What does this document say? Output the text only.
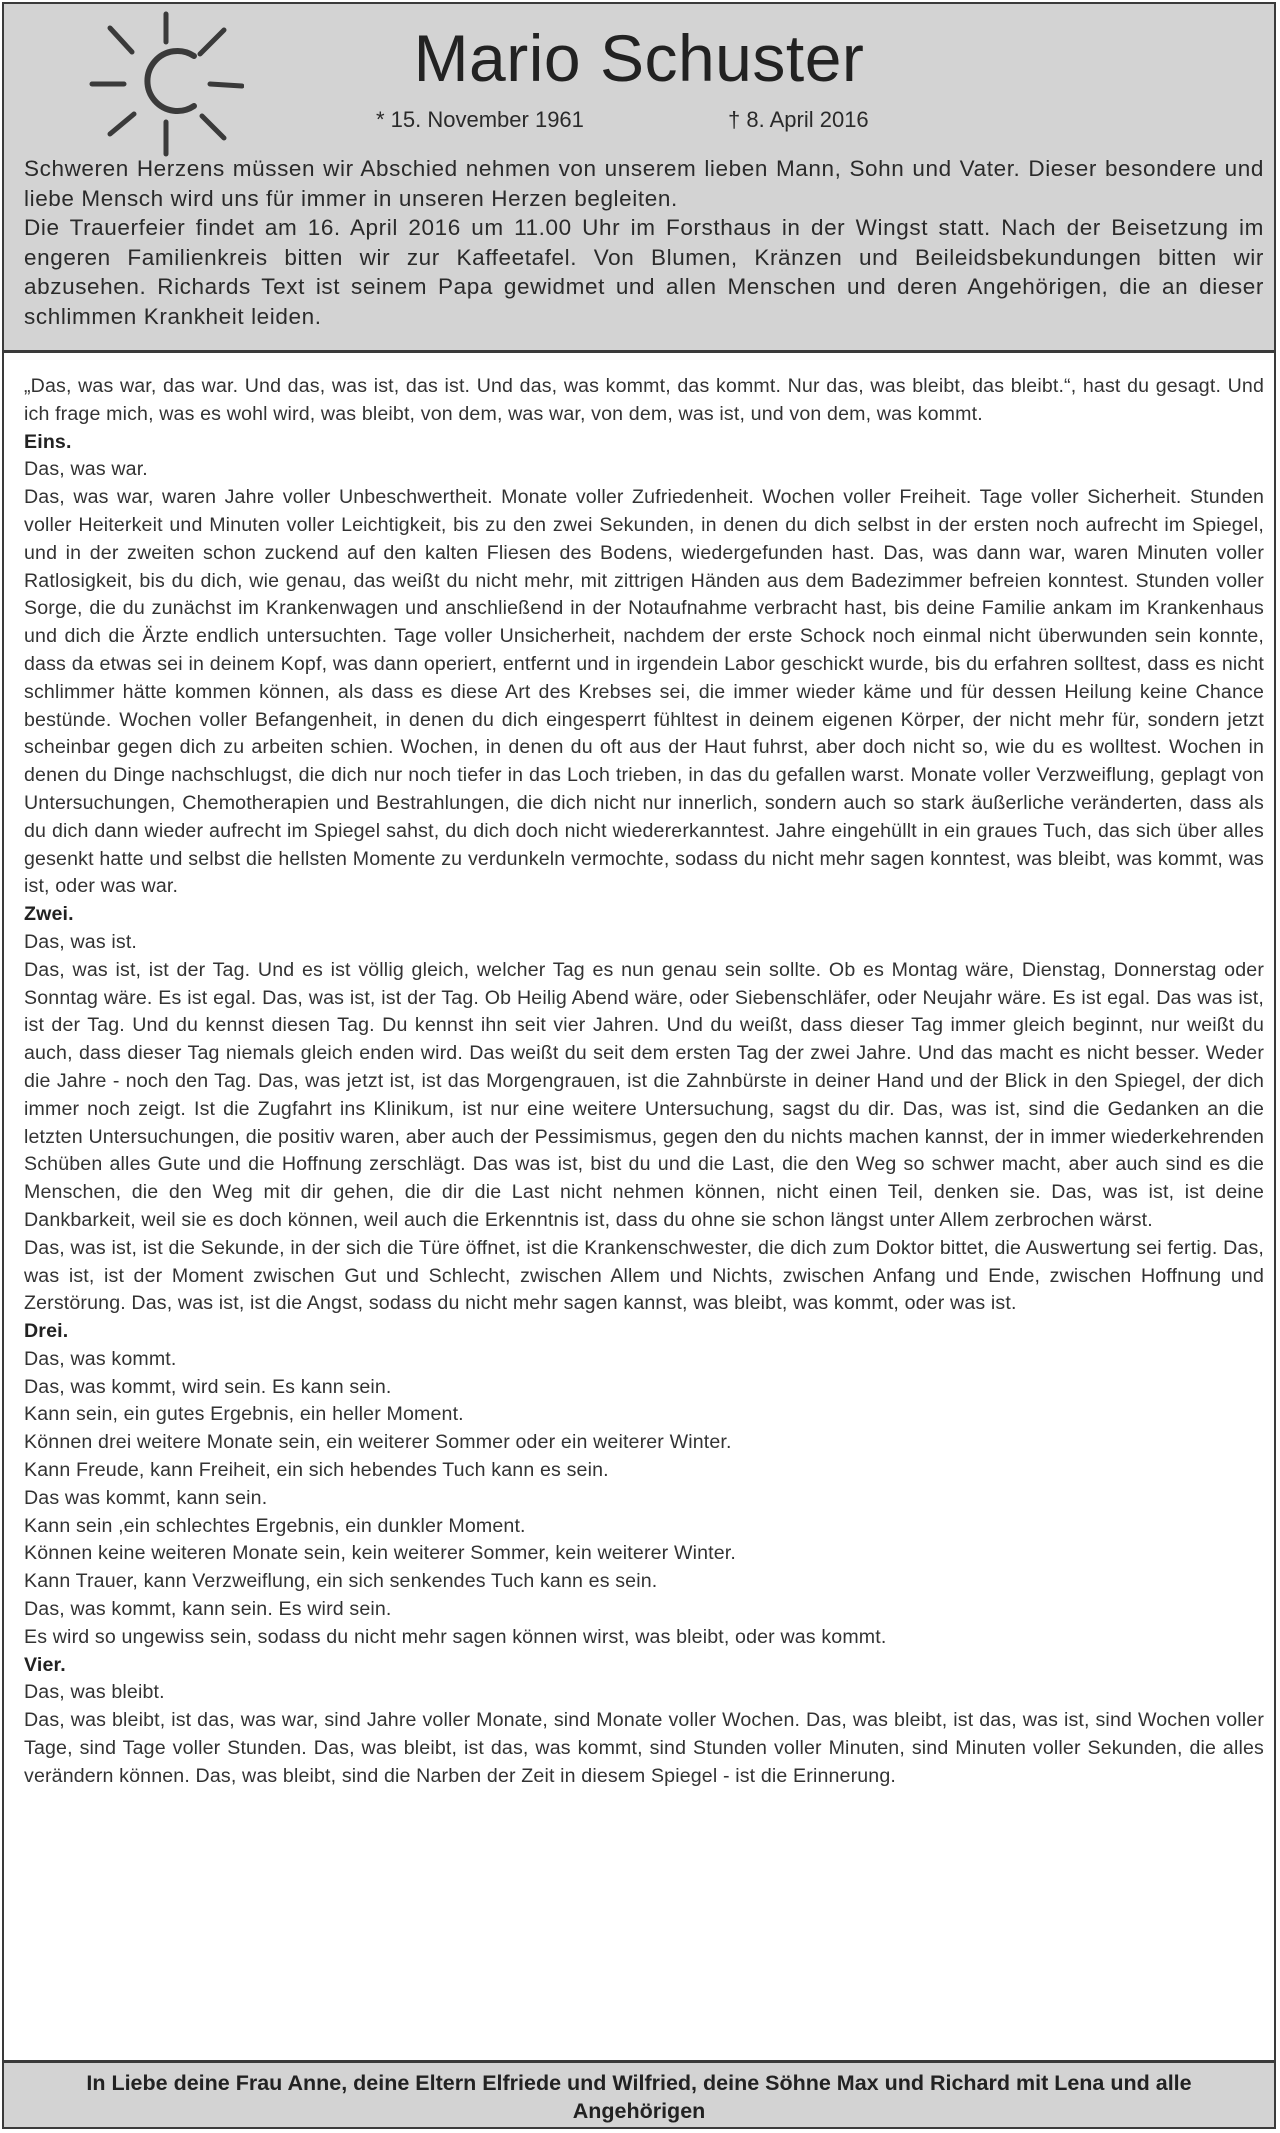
Mario Schuster
* 15. November 1961	† 8. April 2016

Schweren Herzens müssen wir Abschied nehmen von unserem lieben Mann, Sohn und Vater. Dieser besondere und liebe Mensch wird uns für immer in unseren Herzen begleiten.

Die Trauerfeier findet am 16. April 2016 um 11.00 Uhr im Forsthaus in der Wingst statt. Nach der Beisetzung im engeren Familienkreis bitten wir zur Kaffeetafel. Von Blumen, Kränzen und Beileidsbekundungen bitten wir abzusehen. Richards Text ist seinem Papa gewidmet und allen Menschen und deren Angehörigen, die an dieser schlimmen Krankheit leiden.

„Das, was war, das war. Und das, was ist, das ist. Und das, was kommt, das kommt. Nur das, was bleibt, das bleibt.“, hast du gesagt. Und ich frage mich, was es wohl wird, was bleibt, von dem, was war, von dem, was ist, und von dem, was kommt.

Eins.

Das, was war.

Das, was war, waren Jahre voller Unbeschwertheit. Monate voller Zufriedenheit. Wochen voller Freiheit. Tage voller Sicherheit. Stunden voller Heiterkeit und Minuten voller Leichtigkeit, bis zu den zwei Sekunden, in denen du dich selbst in der ersten noch aufrecht im Spiegel, und in der zweiten schon zuckend auf den kalten Fliesen des Bodens, wiedergefunden hast. Das, was dann war, waren Minuten voller Ratlosigkeit, bis du dich, wie genau, das weißt du nicht mehr, mit zittrigen Händen aus dem Badezimmer befreien konntest. Stunden voller Sorge, die du zunächst im Krankenwagen und anschließend in der Notaufnahme verbracht hast, bis deine Familie ankam im Krankenhaus und dich die Ärzte endlich untersuchten. Tage voller Unsicherheit, nachdem der erste Schock noch einmal nicht überwunden sein konnte, dass da etwas sei in deinem Kopf, was dann operiert, entfernt und in irgendein Labor geschickt wurde, bis du erfahren solltest, dass es nicht schlimmer hätte kommen können, als dass es diese Art des Krebses sei, die immer wieder käme und für dessen Heilung keine Chance bestünde. Wochen voller Befangenheit, in denen du dich eingesperrt fühltest in deinem eigenen Körper, der nicht mehr für, sondern jetzt scheinbar gegen dich zu arbeiten schien. Wochen, in denen du oft aus der Haut fuhrst, aber doch nicht so, wie du es wolltest. Wochen in denen du Dinge nachschlugst, die dich nur noch tiefer in das Loch trieben, in das du gefallen warst. Monate voller Verzweiflung, geplagt von Untersuchungen, Chemotherapien und Bestrahlungen, die dich nicht nur innerlich, sondern auch so stark äußerliche veränderten, dass als du dich dann wieder aufrecht im Spiegel sahst, du dich doch nicht wiedererkanntest. Jahre eingehüllt in ein graues Tuch, das sich über alles gesenkt hatte und selbst die hellsten Momente zu verdunkeln vermochte, sodass du nicht mehr sagen konntest, was bleibt, was kommt, was ist, oder was war.

Zwei.

Das, was ist.

Das, was ist, ist der Tag. Und es ist völlig gleich, welcher Tag es nun genau sein sollte. Ob es Montag wäre, Dienstag, Donnerstag oder Sonntag wäre. Es ist egal. Das, was ist, ist der Tag. Ob Heilig Abend wäre, oder Siebenschläfer, oder Neujahr wäre. Es ist egal. Das was ist, ist der Tag. Und du kennst diesen Tag. Du kennst ihn seit vier Jahren. Und du weißt, dass dieser Tag immer gleich beginnt, nur weißt du auch, dass dieser Tag niemals gleich enden wird. Das weißt du seit dem ersten Tag der zwei Jahre. Und das macht es nicht besser. Weder die Jahre - noch den Tag. Das, was jetzt ist, ist das Morgengrauen, ist die Zahnbürste in deiner Hand und der Blick in den Spiegel, der dich immer noch zeigt. Ist die Zugfahrt ins Klinikum, ist nur eine weitere Untersuchung, sagst du dir. Das, was ist, sind die Gedanken an die letzten Untersuchungen, die positiv waren, aber auch der Pessimismus, gegen den du nichts machen kannst, der in immer wiederkehrenden Schüben alles Gute und die Hoffnung zerschlägt. Das was ist, bist du und die Last, die den Weg so schwer macht, aber auch sind es die Menschen, die den Weg mit dir gehen, die dir die Last nicht nehmen können, nicht einen Teil, denken sie. Das, was ist, ist deine Dankbarkeit, weil sie es doch können, weil auch die Erkenntnis ist, dass du ohne sie schon längst unter Allem zerbrochen wärst.

Das, was ist, ist die Sekunde, in der sich die Türe öffnet, ist die Krankenschwester, die dich zum Doktor bittet, die Auswertung sei fertig. Das, was ist, ist der Moment zwischen Gut und Schlecht, zwischen Allem und Nichts, zwischen Anfang und Ende, zwischen Hoffnung und Zerstörung. Das, was ist, ist die Angst, sodass du nicht mehr sagen kannst, was bleibt, was kommt, oder was ist.

Drei.

Das, was kommt.

Das, was kommt, wird sein. Es kann sein.

Kann sein, ein gutes Ergebnis, ein heller Moment.

Können drei weitere Monate sein, ein weiterer Sommer oder ein weiterer Winter.

Kann Freude, kann Freiheit, ein sich hebendes Tuch kann es sein.

Das was kommt, kann sein.

Kann sein ,ein schlechtes Ergebnis, ein dunkler Moment.

Können keine weiteren Monate sein, kein weiterer Sommer, kein weiterer Winter.

Kann Trauer, kann Verzweiflung, ein sich senkendes Tuch kann es sein.

Das, was kommt, kann sein. Es wird sein.

Es wird so ungewiss sein, sodass du nicht mehr sagen können wirst, was bleibt, oder was kommt.

Vier.

Das, was bleibt.

Das, was bleibt, ist das, was war, sind Jahre voller Monate, sind Monate voller Wochen. Das, was bleibt, ist das, was ist, sind Wochen voller Tage, sind Tage voller Stunden. Das, was bleibt, ist das, was kommt, sind Stunden voller Minuten, sind Minuten voller Sekunden, die alles verändern können. Das, was bleibt, sind die Narben der Zeit in diesem Spiegel - ist die Erinnerung.

In Liebe deine Frau Anne, deine Eltern Elfriede und Wilfried, deine Söhne Max und Richard mit Lena und alle Angehörigen
